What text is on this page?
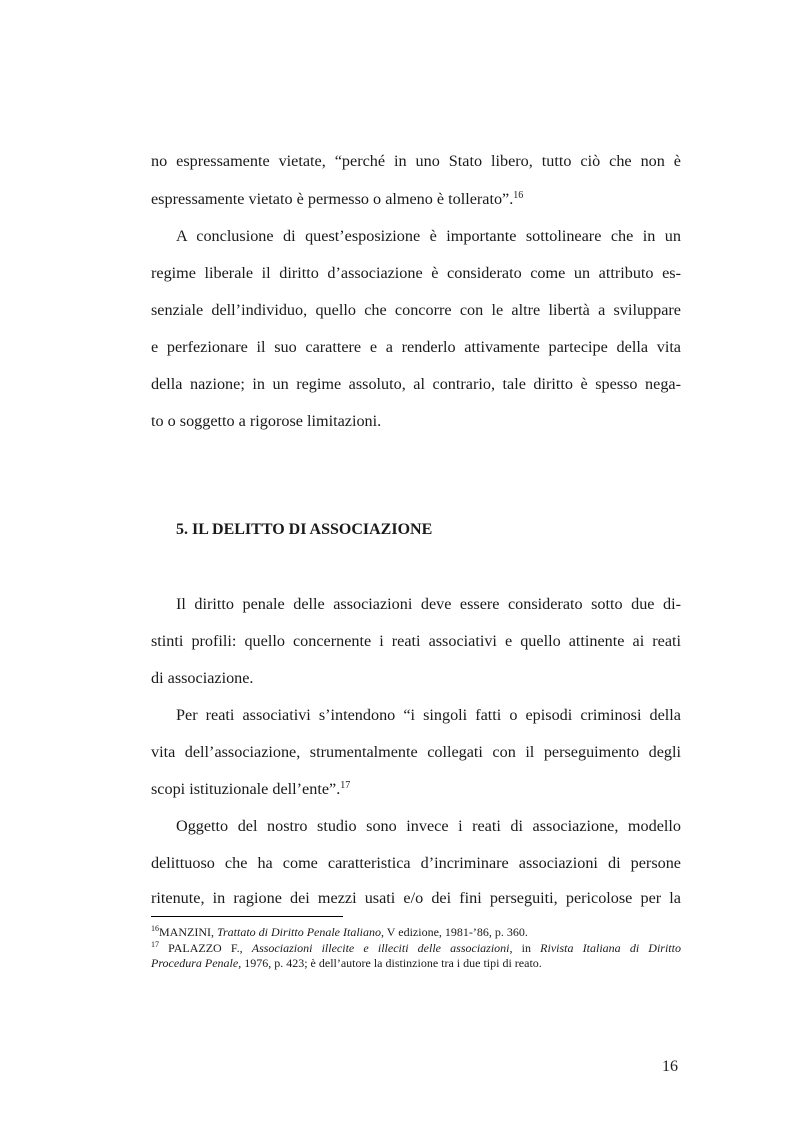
no espressamente vietate, “perché in uno Stato libero, tutto ciò che non è
espressamente vietato è permesso o almeno è tollerato”.$^{16}$
A conclusione di quest’esposizione è importante sottolineare che in un
regime liberale il diritto d’associazione è considerato come un attributo es-
senziale dell’individuo, quello che concorre con le altre libertà a sviluppare
e perfezionare il suo carattere e a renderlo attivamente partecipe della vita
della nazione; in un regime assoluto, al contrario, tale diritto è spesso nega-
to o soggetto a rigorose limitazioni.
5. IL DELITTO DI ASSOCIAZIONE
Il diritto penale delle associazioni deve essere considerato sotto due di-
stinti profili: quello concernente i reati associativi e quello attinente ai reati
di associazione.
Per reati associativi s’intendono “i singoli fatti o episodi criminosi della
vita dell’associazione, strumentalmente collegati con il perseguimento degli
scopi istituzionale dell’ente”.$^{17}$
Oggetto del nostro studio sono invece i reati di associazione, modello
delittuoso che ha come caratteristica d’incriminare associazioni di persone
ritenute, in ragione dei mezzi usati e/o dei fini perseguiti, pericolose per la
$^{16}$MANZINI, Trattato di Diritto Penale Italiano, V edizione, 1981-’86, p. 360.
$^{17}$ PALAZZO F., Associazioni illecite e illeciti delle associazioni, in Rivista Italiana di Diritto
Procedura Penale, 1976, p. 423; è dell’autore la distinzione tra i due tipi di reato.
16
